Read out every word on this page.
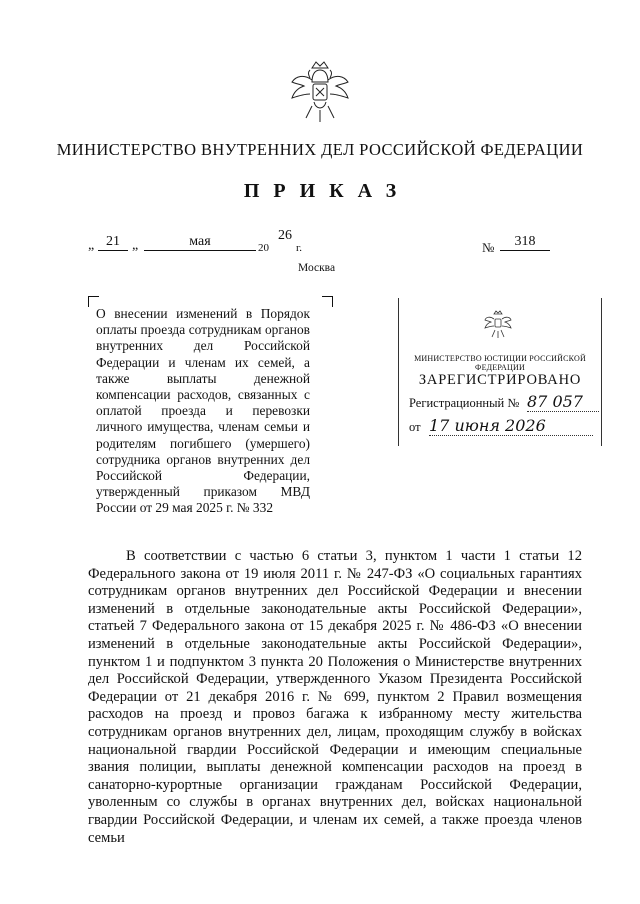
МИНИСТЕРСТВО ВНУТРЕННИХ ДЕЛ РОССИЙСКОЙ ФЕДЕРАЦИИ
ПРИКАЗ
„ 21 „	мая	20
26
г.	№	318
Москва
О внесении изменений в Порядок оплаты проезда сотрудникам органов внутренних дел Российской Федерации и членам их семей, а также выплаты денежной компенсации расходов, связанных с оплатой проезда и перевозки личного имущества, членам семьи и родителям погибшего (умершего) сотрудника органов внутренних дел Российской Федерации, утвержденный приказом МВД России от 29 мая 2025 г. № 332
МИНИСТЕРСТВО ЮСТИЦИИ РОССИЙСКОЙ ФЕДЕРАЦИИ
ЗАРЕГИСТРИРОВАНО
Регистрационный № 87 057
от 17 июня 2026
В соответствии с частью 6 статьи 3, пунктом 1 части 1 статьи 12 Федерального закона от 19 июля 2011 г. № 247-ФЗ «О социальных гарантиях сотрудникам органов внутренних дел Российской Федерации и внесении изменений в отдельные законодательные акты Российской Федерации», статьей 7 Федерального закона от 15 декабря 2025 г. № 486-ФЗ «О внесении изменений в отдельные законодательные акты Российской Федерации», пунктом 1 и подпунктом 3 пункта 20 Положения о Министерстве внутренних дел Российской Федерации, утвержденного Указом Президента Российской Федерации от 21 декабря 2016 г. № 699, пунктом 2 Правил возмещения расходов на проезд и провоз багажа к избранному месту жительства сотрудникам органов внутренних дел, лицам, проходящим службу в войсках национальной гвардии Российской Федерации и имеющим специальные звания полиции, выплаты денежной компенсации расходов на проезд в санаторно-курортные организации гражданам Российской Федерации, уволенным со службы в органах внутренних дел, войсках национальной гвардии Российской Федерации, и членам их семей, а также проезда членов семьи
